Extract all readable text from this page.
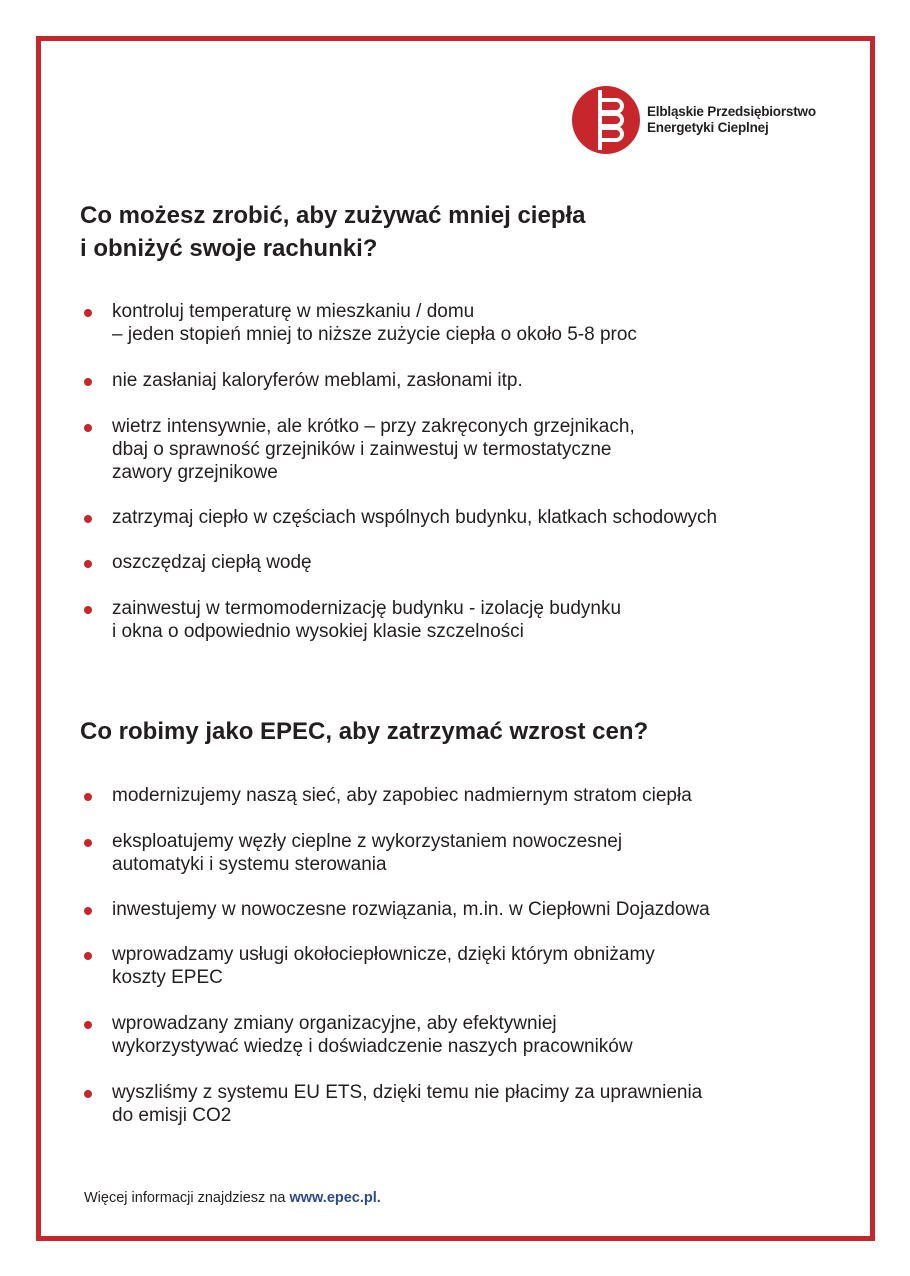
Elbląskie Przedsiębiorstwo
Energetyki Cieplnej
Co możesz zrobić, aby zużywać mniej ciepła
i obniżyć swoje rachunki?
kontroluj temperaturę w mieszkaniu / domu
– jeden stopień mniej to niższe zużycie ciepła o około 5-8 proc
nie zasłaniaj kaloryferów meblami, zasłonami itp.
wietrz intensywnie, ale krótko – przy zakręconych grzejnikach,
dbaj o sprawność grzejników i zainwestuj w termostatyczne
zawory grzejnikowe
zatrzymaj ciepło w częściach wspólnych budynku, klatkach schodowych
oszczędzaj ciepłą wodę
zainwestuj w termomodernizację budynku - izolację budynku
i okna o odpowiednio wysokiej klasie szczelności
Co robimy jako EPEC, aby zatrzymać wzrost cen?
modernizujemy naszą sieć, aby zapobiec nadmiernym stratom ciepła
eksploatujemy węzły cieplne z wykorzystaniem nowoczesnej
automatyki i systemu sterowania
inwestujemy w nowoczesne rozwiązania, m.in. w Ciepłowni Dojazdowa
wprowadzamy usługi okołociepłownicze, dzięki którym obniżamy
koszty EPEC
wprowadzany zmiany organizacyjne, aby efektywniej
wykorzystywać wiedzę i doświadczenie naszych pracowników
wyszliśmy z systemu EU ETS, dzięki temu nie płacimy za uprawnienia
do emisji CO2
Więcej informacji znajdziesz na www.epec.pl.
